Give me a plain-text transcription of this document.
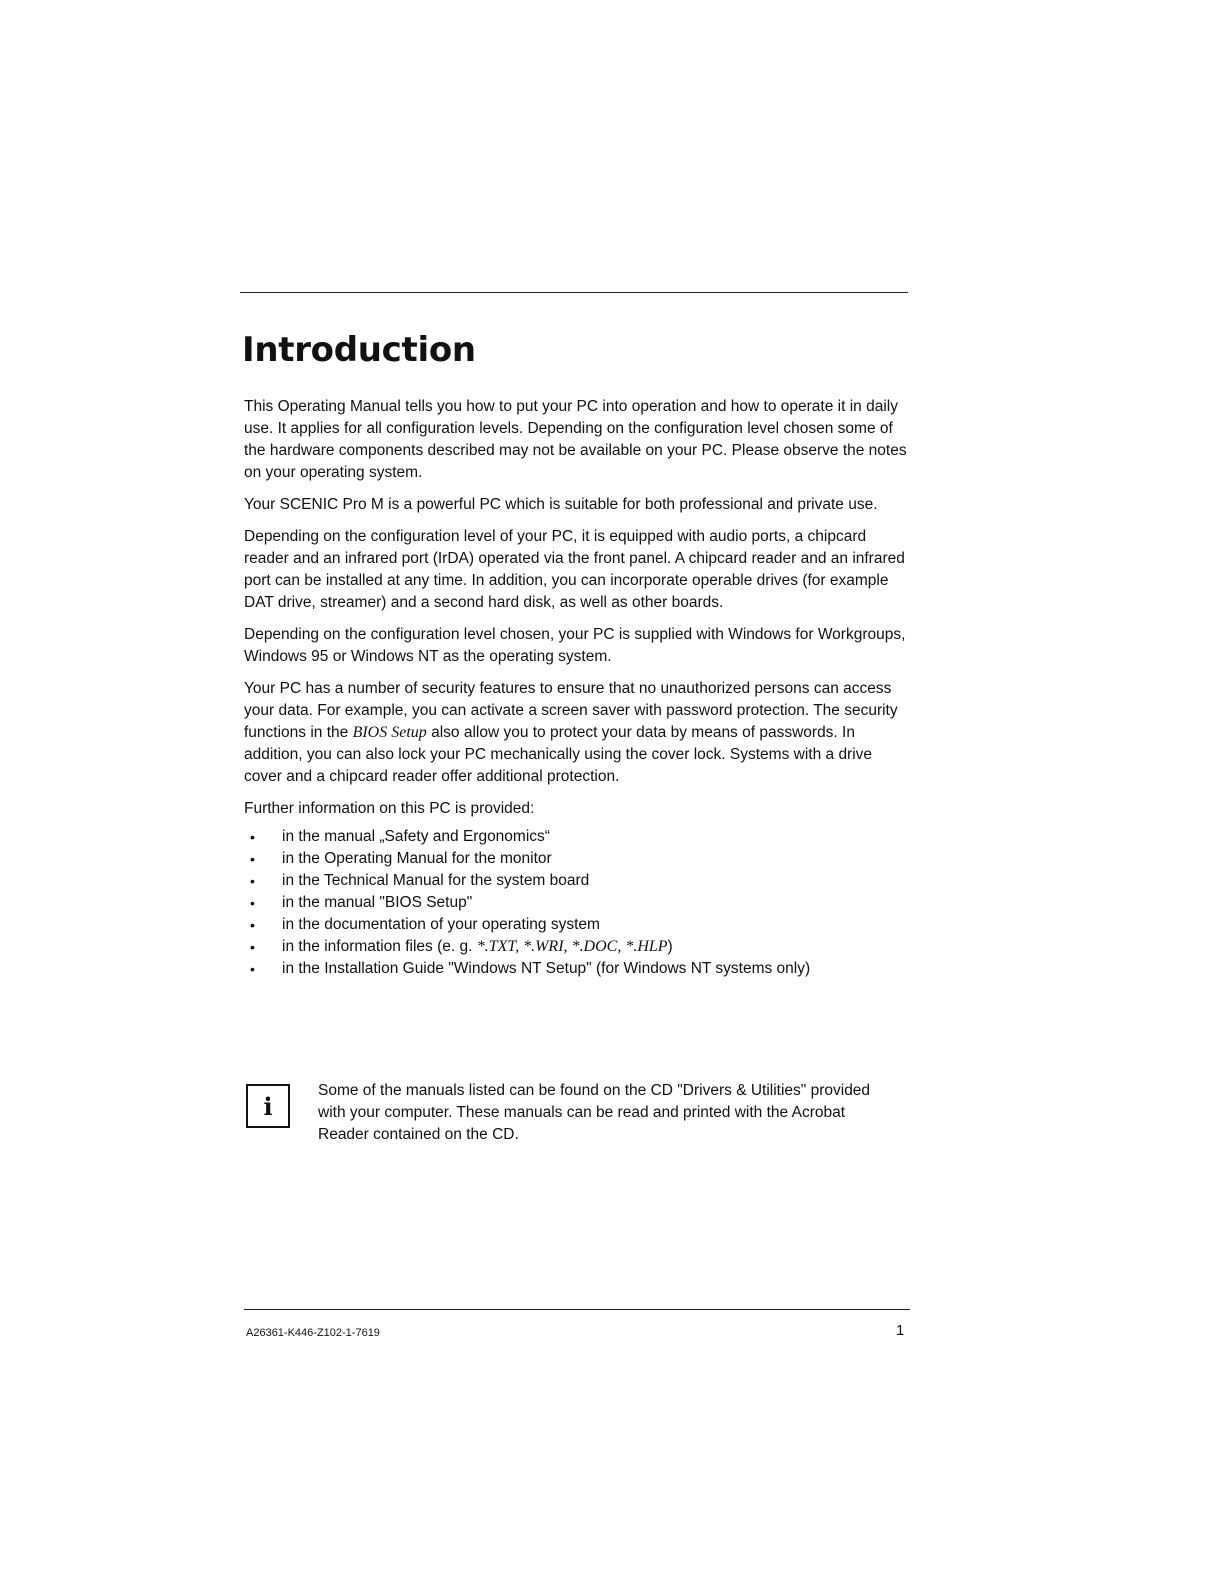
Introduction

This Operating Manual tells you how to put your PC into operation and how to operate it in daily use. It applies for all configuration levels. Depending on the configuration level chosen some of the hardware components described may not be available on your PC. Please observe the notes on your operating system.

Your SCENIC Pro M is a powerful PC which is suitable for both professional and private use.

Depending on the configuration level of your PC, it is equipped with audio ports, a chipcard reader and an infrared port (IrDA) operated via the front panel. A chipcard reader and an infrared port can be installed at any time. In addition, you can incorporate operable drives (for example DAT drive, streamer) and a second hard disk, as well as other boards.

Depending on the configuration level chosen, your PC is supplied with Windows for Workgroups, Windows 95 or Windows NT as the operating system.

Your PC has a number of security features to ensure that no unauthorized persons can access your data. For example, you can activate a screen saver with password protection. The security functions in the BIOS Setup also allow you to protect your data by means of passwords. In addition, you can also lock your PC mechanically using the cover lock. Systems with a drive cover and a chipcard reader offer additional protection.

Further information on this PC is provided:

• in the manual „Safety and Ergonomics“
• in the Operating Manual for the monitor
• in the Technical Manual for the system board
• in the manual "BIOS Setup"
• in the documentation of your operating system
• in the information files (e. g. *.TXT, *.WRI, *.DOC, *.HLP)
• in the Installation Guide "Windows NT Setup" (for Windows NT systems only)
i

Some of the manuals listed can be found on the CD "Drivers & Utilities" provided with your computer. These manuals can be read and printed with the Acrobat Reader contained on the CD.

A26361-K446-Z102-1-7619	1
